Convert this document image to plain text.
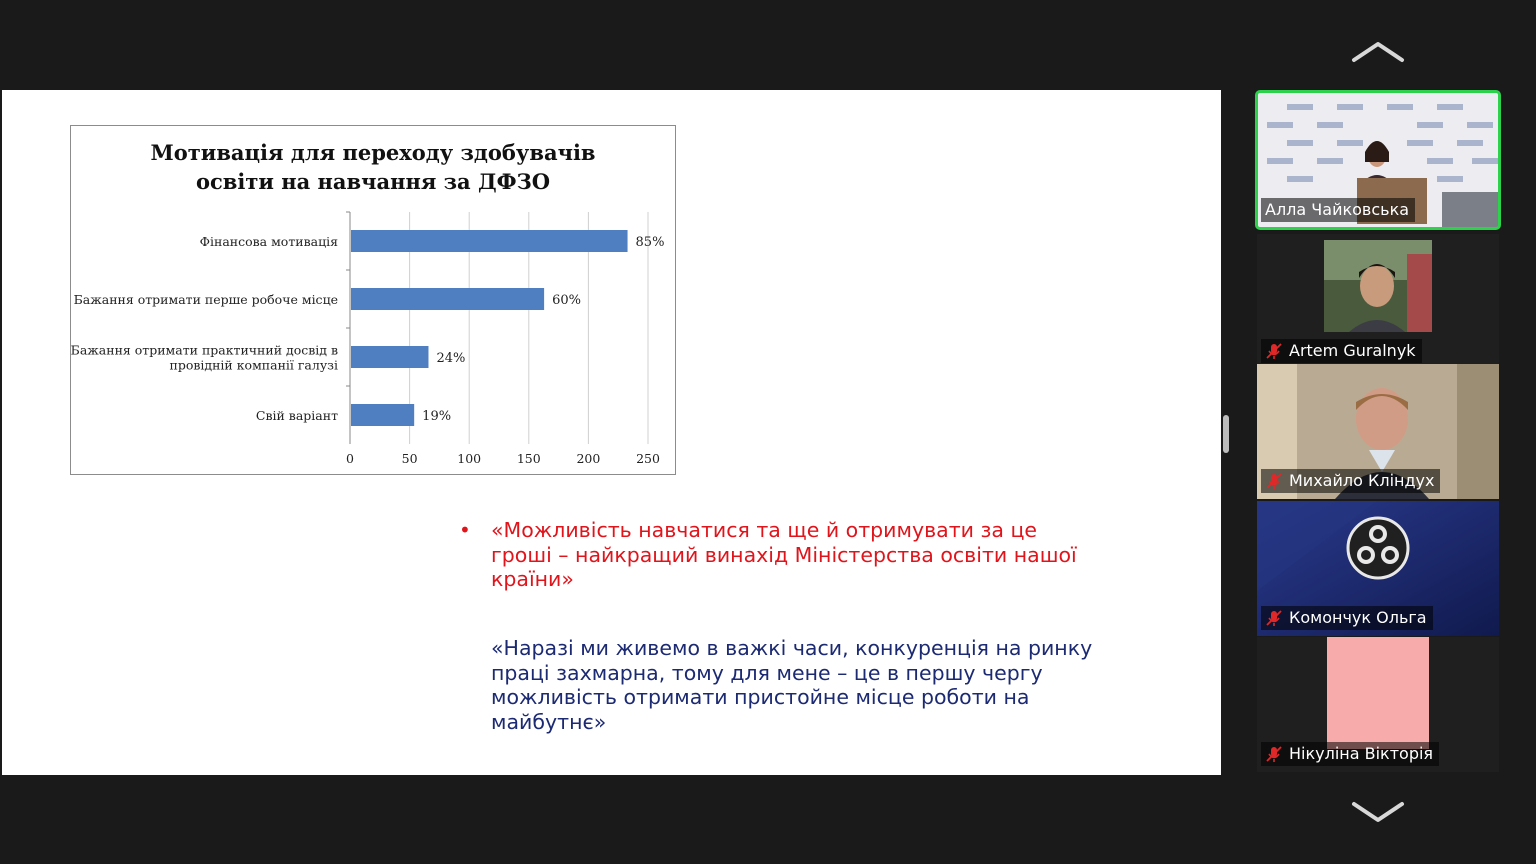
0	50	100	150	200	250
85%
Фінансова мотивація
60%
Бажання отримати перше робоче місце
24%
Бажання отримати практичний досвід в
провідній компанії галузі
19%
Свій варіант
Мотивація для переходу здобувачів
освіти на навчання за ДФЗО
• «Можливість навчатися та ще й отримувати за це гроші – найкращий винахід Міністерства освіти нашої країни»
«Наразі ми живемо в важкі часи, конкуренція на ринку праці захмарна, тому для мене – це в першу чергу можливість отримати пристойне місце роботи на майбутнє»
Алла Чайковська
Artem Guralnyk
Михайло Кліндух
Комончук Ольга
Нікуліна Вікторія
